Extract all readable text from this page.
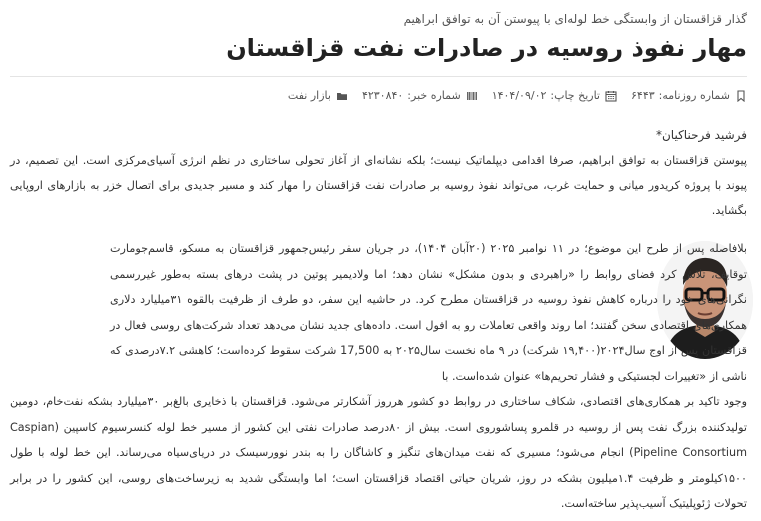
گذار قزاقستان از وابستگی خط لوله‌ای با پیوستن آن به توافق ابراهیم
مهار نفوذ روسیه در صادرات نفت قزاقستان
شماره روزنامه:
۶۴۴۳
تاریخ چاپ:
۱۴۰۴/۰۹/۰۲
شماره خبر:
۴۲۳۰۸۴۰
بازار نفت
فرشید فرحناکیان*

پیوستن قزاقستان به توافق ابراهیم، صرفا اقدامی دیپلماتیک نیست؛ بلکه نشانه‌ای از آغاز تحولی ساختاری در نظم انرژی آسیای‌مرکزی است. این تصمیم، در پیوند با پروژه کریدور میانی و حمایت غرب، می‌تواند نفوذ روسیه بر صادرات نفت قزاقستان را مهار کند و مسیر جدیدی برای اتصال خزر به بازارهای اروپایی بگشاید.

بلافاصله پس از طرح این موضوع؛ در ۱۱ نوامبر ۲۰۲۵ (۲۰آبان ۱۴۰۴)، در جریان سفر رئیس‌جمهور قزاقستان به مسکو، قاسم‌جومارت توقایف، تلاش کرد فضای روابط را «راهبردی و بدون مشکل» نشان دهد؛ اما ولادیمیر پوتین در پشت درهای بسته به‌طور غیررسمی نگرانی‌های خود را درباره کاهش نفوذ روسیه در قزاقستان مطرح کرد. در حاشیه این سفر، دو طرف از ظرفیت بالقوه ۳۱میلیارد دلاری همکاری‌های اقتصادی سخن گفتند؛ اما روند واقعی تعاملات رو به افول است. داده‌های جدید نشان می‌دهد تعداد شرکت‌های روسی فعال در قزاقستان پس از اوج سال۲۰۲۴(۱۹,۴۰۰ شرکت) در ۹ ماه نخست سال۲۰۲۵ به 17,500 شرکت سقوط کرده‌است؛ کاهشی ۷.۲درصدی که ناشی از «تغییرات لجستیکی و فشار تحریم‌ها» عنوان شده‌است. با

وجود تاکید بر همکاری‌های اقتصادی، شکاف ساختاری در روابط دو کشور هرروز آشکارتر می‌شود. قزاقستان با ذخایری بالغ‌بر ۳۰میلیارد بشکه نفت‌خام، دومین تولیدکننده بزرگ نفت پس از روسیه در قلمرو پساشوروی است. بیش از ۸۰درصد صادرات نفتی این کشور از مسیر خط لوله کنسرسیوم کاسپین (Caspian Pipeline Consortium) انجام می‌شود؛ مسیری که نفت میدان‌های تنگیز و کاشاگان را به بندر نوورسیسک در دریای‌سیاه می‌رساند. این خط لوله با طول ۱۵۰۰کیلومتر و ظرفیت ۱.۴میلیون بشکه در روز، شریان حیاتی اقتصاد قزاقستان است؛ اما وابستگی شدید به زیرساخت‌های روسی، این کشور را در برابر تحولات ژئوپلیتیک آسیب‌پذیر ساخته‌است.
